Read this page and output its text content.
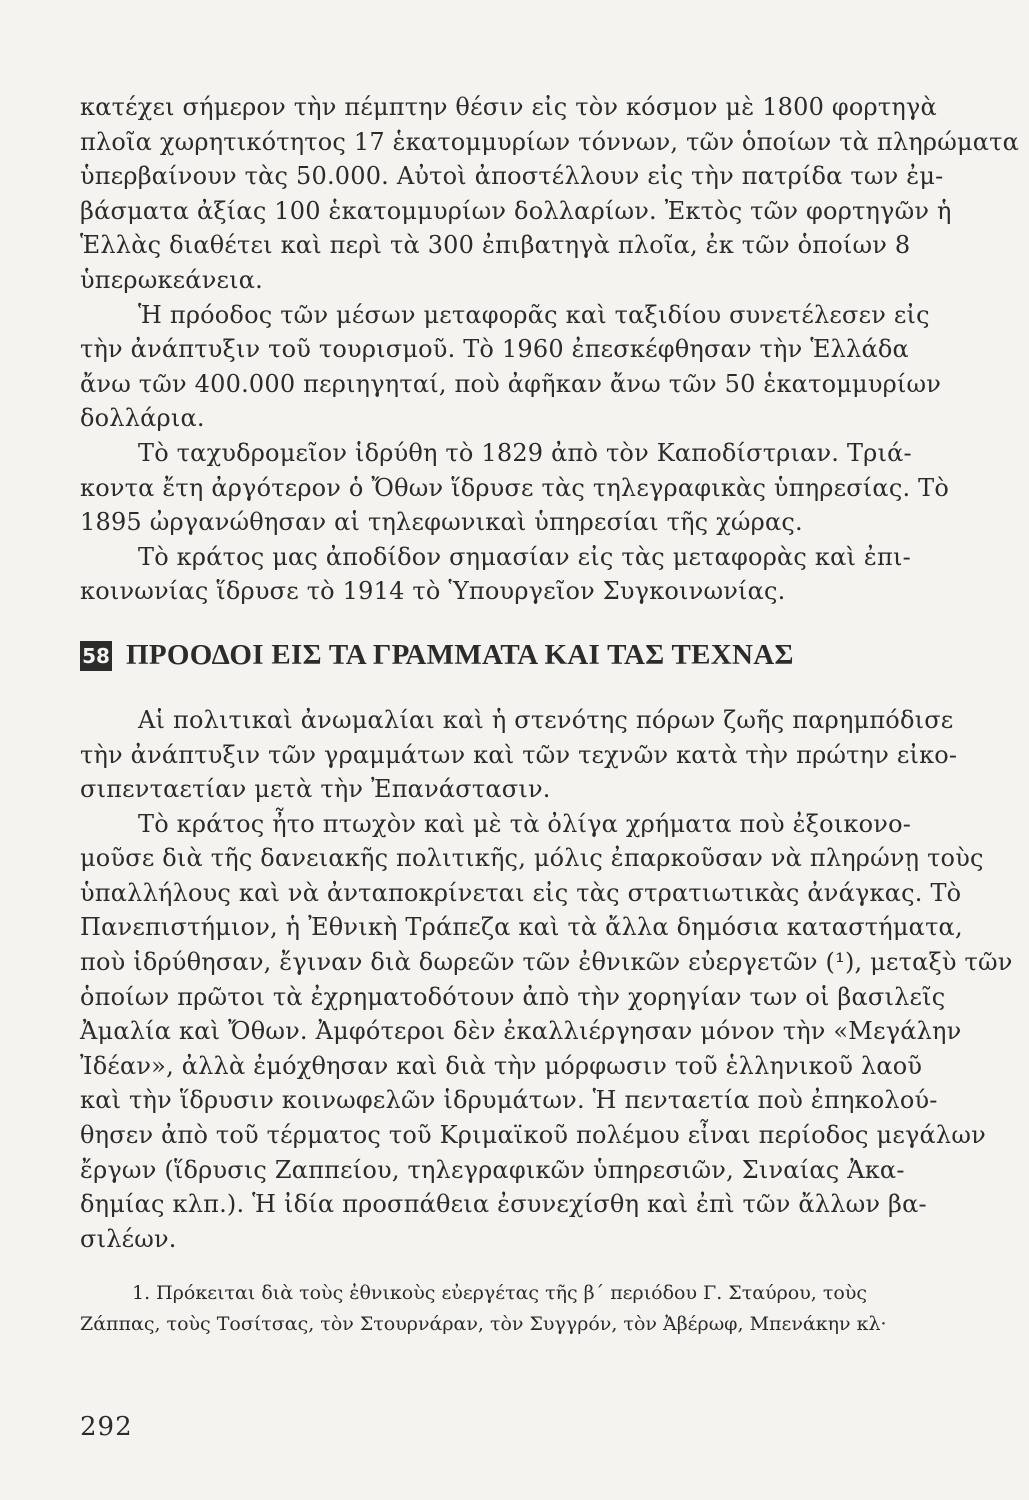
κατέχει σήμερον τὴν πέμπτην θέσιν εἰς τὸν κόσμον μὲ 1800 φορτηγὰ
πλοῖα χωρητικότητος 17 ἑκατομμυρίων τόννων, τῶν ὁποίων τὰ πληρώματα
ὑπερβαίνουν τὰς 50.000. Αὐτοὶ ἀποστέλλουν εἰς τὴν πατρίδα των ἐμ-
βάσματα ἀξίας 100 ἑκατομμυρίων δολλαρίων. Ἐκτὸς τῶν φορτηγῶν ἡ
Ἑλλὰς διαθέτει καὶ περὶ τὰ 300 ἐπιβατηγὰ πλοῖα, ἐκ τῶν ὁποίων 8
ὑπερωκεάνεια.

Ἡ πρόοδος τῶν μέσων μεταφορᾶς καὶ ταξιδίου συνετέλεσεν εἰς
τὴν ἀνάπτυξιν τοῦ τουρισμοῦ. Τὸ 1960 ἐπεσκέφθησαν τὴν Ἑλλάδα
ἄνω τῶν 400.000 περιηγηταί, ποὺ ἀφῆκαν ἄνω τῶν 50 ἑκατομμυρίων
δολλάρια.

Τὸ ταχυδρομεῖον ἱδρύθη τὸ 1829 ἀπὸ τὸν Καποδίστριαν. Τριά-
κοντα ἔτη ἀργότερον ὁ Ὄθων ἵδρυσε τὰς τηλεγραφικὰς ὑπηρεσίας. Τὸ
1895 ὠργανώθησαν αἱ τηλεφωνικαὶ ὑπηρεσίαι τῆς χώρας.

Τὸ κράτος μας ἀποδίδον σημασίαν εἰς τὰς μεταφορὰς καὶ ἐπι-
κοινωνίας ἵδρυσε τὸ 1914 τὸ Ὑπουργεῖον Συγκοινωνίας.

58 ΠΡΟΟΔΟΙ ΕΙΣ ΤΑ ΓΡΑΜΜΑΤΑ ΚΑΙ ΤΑΣ ΤΕΧΝΑΣ

Αἱ πολιτικαὶ ἀνωμαλίαι καὶ ἡ στενότης πόρων ζωῆς παρημπόδισε
τὴν ἀνάπτυξιν τῶν γραμμάτων καὶ τῶν τεχνῶν κατὰ τὴν πρώτην εἰκο-
σιπενταετίαν μετὰ τὴν Ἐπανάστασιν.

Τὸ κράτος ἦτο πτωχὸν καὶ μὲ τὰ ὀλίγα χρήματα ποὺ ἐξοικονο-
μοῦσε διὰ τῆς δανειακῆς πολιτικῆς, μόλις ἐπαρκοῦσαν νὰ πληρώνῃ τοὺς
ὑπαλλήλους καὶ νὰ ἀνταποκρίνεται εἰς τὰς στρατιωτικὰς ἀνάγκας. Τὸ
Πανεπιστήμιον, ἡ Ἐθνικὴ Τράπεζα καὶ τὰ ἄλλα δημόσια καταστήματα,
ποὺ ἱδρύθησαν, ἔγιναν διὰ δωρεῶν τῶν ἐθνικῶν εὐεργετῶν (¹), μεταξὺ τῶν
ὁποίων πρῶτοι τὰ ἐχρηματοδότουν ἀπὸ τὴν χορηγίαν των οἱ βασιλεῖς
Ἀμαλία καὶ Ὄθων. Ἀμφότεροι δὲν ἐκαλλιέργησαν μόνον τὴν «Μεγάλην
Ἰδέαν», ἀλλὰ ἐμόχθησαν καὶ διὰ τὴν μόρφωσιν τοῦ ἑλληνικοῦ λαοῦ
καὶ τὴν ἵδρυσιν κοινωφελῶν ἱδρυμάτων. Ἡ πενταετία ποὺ ἐπηκολού-
θησεν ἀπὸ τοῦ τέρματος τοῦ Κριμαϊκοῦ πολέμου εἶναι περίοδος μεγάλων
ἔργων (ἵδρυσις Ζαππείου, τηλεγραφικῶν ὑπηρεσιῶν, Σιναίας Ἀκα-
δημίας κλπ.). Ἡ ἰδία προσπάθεια ἐσυνεχίσθη καὶ ἐπὶ τῶν ἄλλων βα-
σιλέων.

1. Πρόκειται διὰ τοὺς ἐθνικοὺς εὐεργέτας τῆς β΄ περιόδου Γ. Σταύρου, τοὺς
Ζάππας, τοὺς Τοσίτσας, τὸν Στουρνάραν, τὸν Συγγρόν, τὸν Ἀβέρωφ, Μπενάκην κλ·

292
